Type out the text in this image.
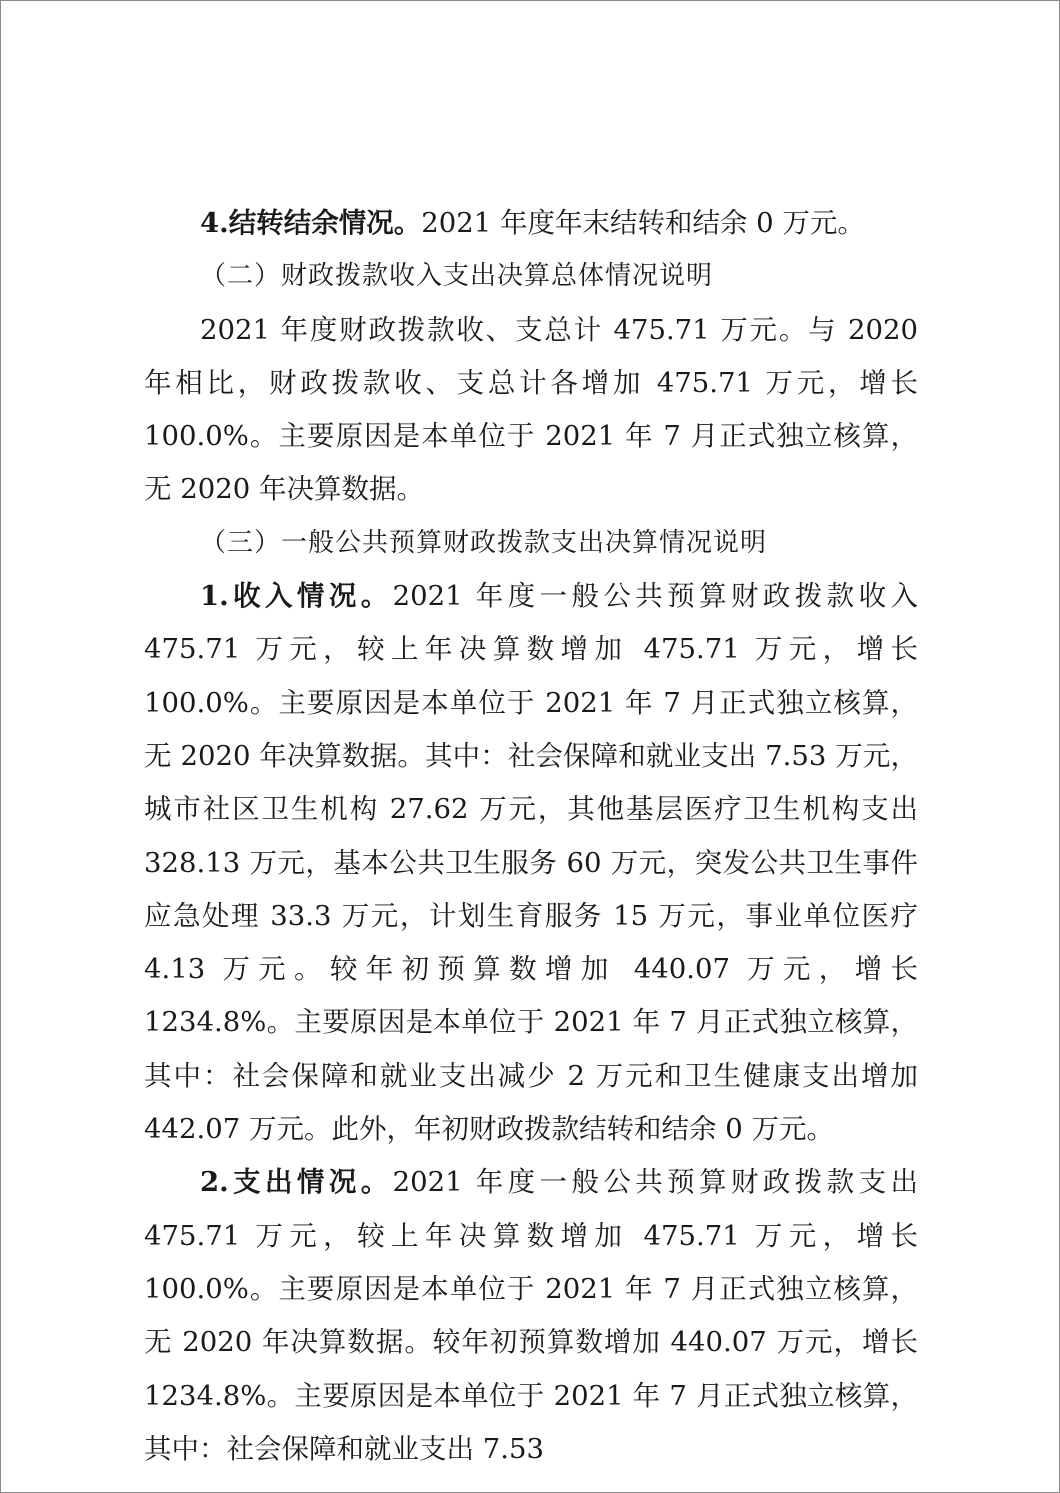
4.结转结余情况。2021 年度年末结转和结余 0 万元。

（二）财政拨款收入支出决算总体情况说明

2021 年度财政拨款收、支总计 475.71 万元。与 2020 年相比，财政拨款收、支总计各增加 475.71 万元，增长 100.0%。主要原因是本单位于 2021 年 7 月正式独立核算，无 2020 年决算数据。

（三）一般公共预算财政拨款支出决算情况说明

1.收入情况。2021 年度一般公共预算财政拨款收入 475.71 万元，较上年决算数增加 475.71 万元，增长 100.0%。主要原因是本单位于 2021 年 7 月正式独立核算，无 2020 年决算数据。其中：社会保障和就业支出 7.53 万元，城市社区卫生机构 27.62 万元，其他基层医疗卫生机构支出 328.13 万元，基本公共卫生服务 60 万元，突发公共卫生事件应急处理 33.3 万元，计划生育服务 15 万元，事业单位医疗 4.13 万元。较年初预算数增加 440.07 万元，增长 1234.8%。主要原因是本单位于 2021 年 7 月正式独立核算，其中：社会保障和就业支出减少 2 万元和卫生健康支出增加 442.07 万元。此外，年初财政拨款结转和结余 0 万元。

2.支出情况。2021 年度一般公共预算财政拨款支出 475.71 万元，较上年决算数增加 475.71 万元，增长 100.0%。主要原因是本单位于 2021 年 7 月正式独立核算，无 2020 年决算数据。较年初预算数增加 440.07 万元，增长 1234.8%。主要原因是本单位于 2021 年 7 月正式独立核算，其中：社会保障和就业支出 7.53
